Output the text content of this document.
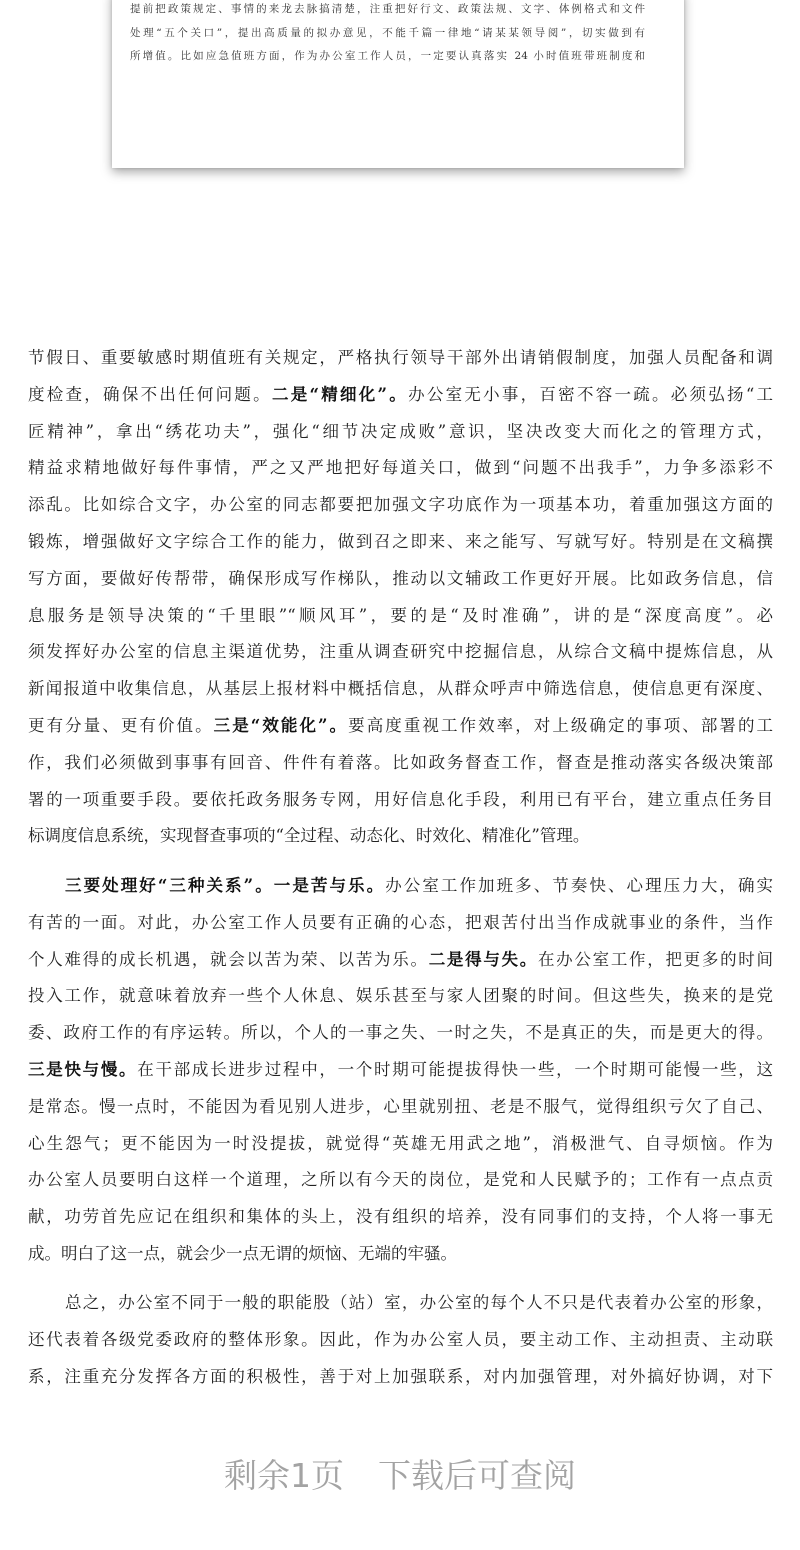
提前把政策规定、事情的来龙去脉搞清楚，注重把好行文、政策法规、文字、体例格式和文件
处理“五个关口”，提出高质量的拟办意见，不能千篇一律地“请某某领导阅”，切实做到有
所增值。比如应急值班方面，作为办公室工作人员，一定要认真落实 24 小时值班带班制度和
节假日、重要敏感时期值班有关规定，严格执行领导干部外出请销假制度，加强人员配备和调
度检查，确保不出任何问题。二是“精细化”。办公室无小事，百密不容一疏。必须弘扬“工
匠精神”，拿出“绣花功夫”，强化“细节决定成败”意识，坚决改变大而化之的管理方式，
精益求精地做好每件事情，严之又严地把好每道关口，做到“问题不出我手”，力争多添彩不
添乱。比如综合文字，办公室的同志都要把加强文字功底作为一项基本功，着重加强这方面的
锻炼，增强做好文字综合工作的能力，做到召之即来、来之能写、写就写好。特别是在文稿撰
写方面，要做好传帮带，确保形成写作梯队，推动以文辅政工作更好开展。比如政务信息，信
息服务是领导决策的“千里眼”“顺风耳”，要的是“及时准确”，讲的是“深度高度”。必
须发挥好办公室的信息主渠道优势，注重从调查研究中挖掘信息，从综合文稿中提炼信息，从
新闻报道中收集信息，从基层上报材料中概括信息，从群众呼声中筛选信息，使信息更有深度、
更有分量、更有价值。三是“效能化”。要高度重视工作效率，对上级确定的事项、部署的工
作，我们必须做到事事有回音、件件有着落。比如政务督查工作，督查是推动落实各级决策部
署的一项重要手段。要依托政务服务专网，用好信息化手段，利用已有平台，建立重点任务目
标调度信息系统，实现督查事项的“全过程、动态化、时效化、精准化”管理。
三要处理好“三种关系”。一是苦与乐。办公室工作加班多、节奏快、心理压力大，确实
有苦的一面。对此，办公室工作人员要有正确的心态，把艰苦付出当作成就事业的条件，当作
个人难得的成长机遇，就会以苦为荣、以苦为乐。二是得与失。在办公室工作，把更多的时间
投入工作，就意味着放弃一些个人休息、娱乐甚至与家人团聚的时间。但这些失，换来的是党
委、政府工作的有序运转。所以，个人的一事之失、一时之失，不是真正的失，而是更大的得。
三是快与慢。在干部成长进步过程中，一个时期可能提拔得快一些，一个时期可能慢一些，这
是常态。慢一点时，不能因为看见别人进步，心里就别扭、老是不服气，觉得组织亏欠了自己、
心生怨气；更不能因为一时没提拔，就觉得“英雄无用武之地”，消极泄气、自寻烦恼。作为
办公室人员要明白这样一个道理，之所以有今天的岗位，是党和人民赋予的；工作有一点点贡
献，功劳首先应记在组织和集体的头上，没有组织的培养，没有同事们的支持，个人将一事无
成。明白了这一点，就会少一点无谓的烦恼、无端的牢骚。
总之，办公室不同于一般的职能股（站）室，办公室的每个人不只是代表着办公室的形象，
还代表着各级党委政府的整体形象。因此，作为办公室人员，要主动工作、主动担责、主动联
系，注重充分发挥各方面的积极性，善于对上加强联系，对内加强管理，对外搞好协调，对下
剩余1页 下载后可查阅
